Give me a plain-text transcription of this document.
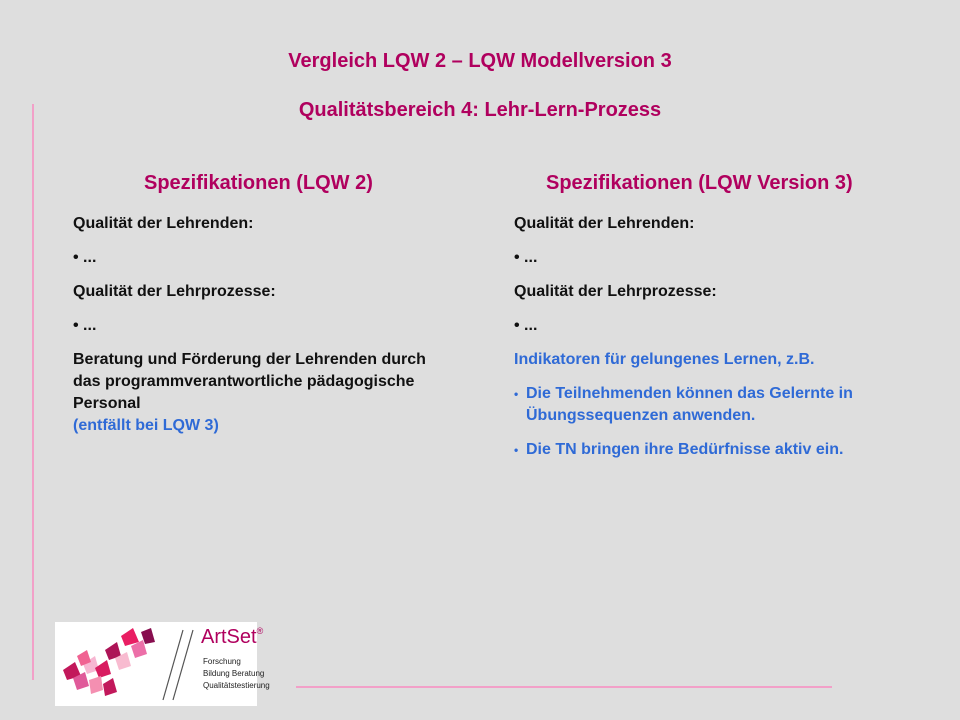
Vergleich LQW 2 – LQW Modellversion 3
Qualitätsbereich 4: Lehr-Lern-Prozess
Spezifikationen (LQW 2)
Qualität der Lehrenden:
• ...
Qualität der Lehrprozesse:
• ...
Beratung und Förderung der Lehrenden durch das programmverantwortliche pädagogische Personal
(entfällt bei LQW 3)
Spezifikationen (LQW Version 3)
Qualität der Lehrenden:
• ...
Qualität der Lehrprozesse:
• ...
Indikatoren für gelungenes Lernen, z.B.
• Die Teilnehmenden können das Gelernte in Übungssequenzen anwenden.
• Die TN bringen ihre Bedürfnisse aktiv ein.
ArtSet®
Forschung
Bildung Beratung
Qualitätstestierung
